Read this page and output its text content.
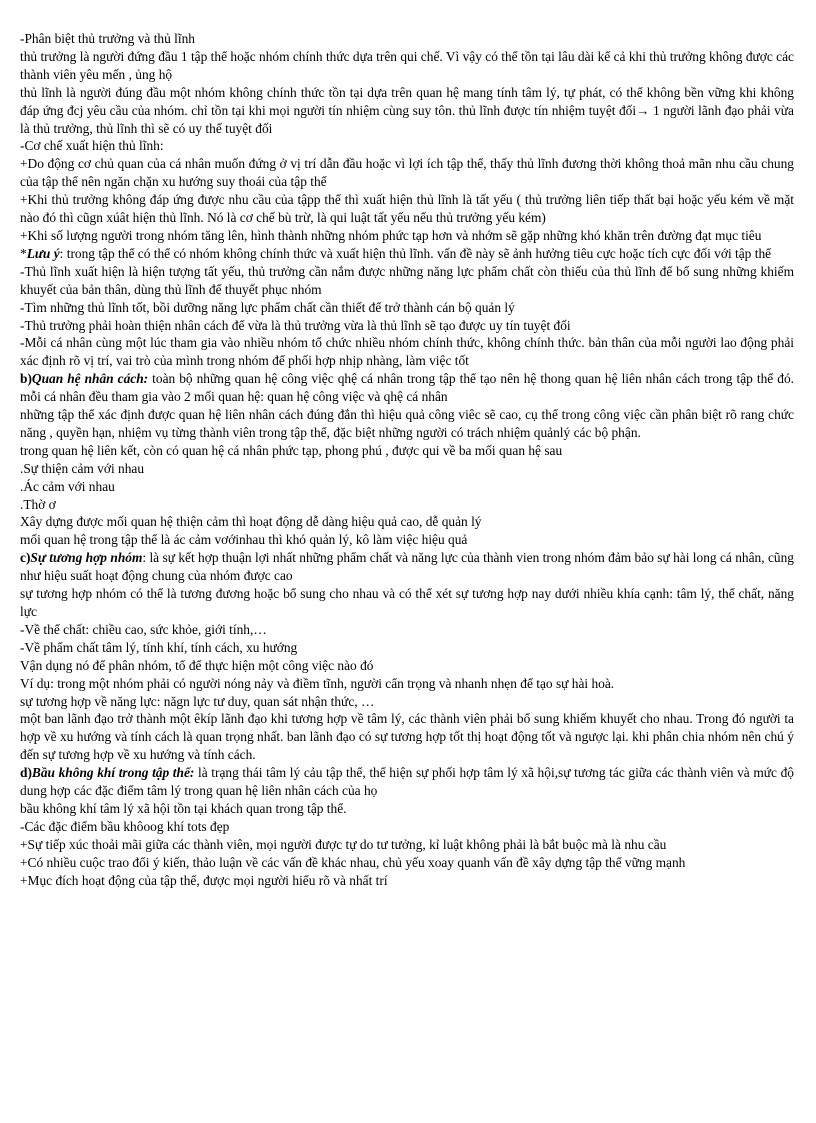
-Phân biệt thủ trưởng và thủ lĩnh

thủ trưởng là người đứng đầu 1 tập thể hoặc nhóm chính thức dựa trên qui chế. Vì vậy có thể tồn tại lâu dài kể cả khi thủ trưởng không được các thành viên yêu mến , ủng hộ

thủ lĩnh là người đúng đầu một nhóm không chính thức tồn tại dựa trên quan hệ mang tính tâm lý, tự phát, có thể không bền vững khi không đáp ứng đcj yêu cầu của nhóm. chỉ tồn tại khi mọi người tín nhiệm cùng suy tôn. thủ lĩnh được tín nhiệm tuyệt đối→ 1 người lãnh đạo phải vừa là thủ trưởng, thủ lĩnh thì sẽ có uy thế tuyệt đối

-Cơ chế xuất hiện thủ lĩnh:

+Do động cơ chủ quan của cá nhân muốn đứng ở vị trí dẫn đầu hoặc vì lợi ích tập thể, thấy thủ lĩnh đương thời không thoả mãn nhu cầu chung của tập thể nên ngăn chặn xu hướng suy thoái của tập thể

+Khi thủ trưởng không đáp ứng được nhu cầu của tậpp thể thì xuất hiện thủ lĩnh là tất yếu ( thủ trưởng liên tiếp thất bại hoặc yếu kém về mặt nào đó thì cũgn xúât hiện thủ lĩnh. Nó là cơ chế bù trừ, là qui luật tất yếu nếu thủ trưởng yếu kém)

+Khi số lượng người trong nhóm tăng lên, hình thành những nhóm phức tạp hơn và nhớm sẽ gặp những khó khăn trên đường đạt mục tiêu

*Lưu ý: trong tập thể có thể có nhóm không chính thức và xuất hiện thủ lĩnh. vấn đề này sẽ ảnh hưởng tiêu cực hoặc tích cực đối với tập thể

-Thủ lĩnh xuất hiện là hiện tượng tất yếu, thủ trưởng cần nắm được những năng lực phẩm chất còn thiếu của thủ lĩnh để bổ sung những khiếm khuyết của bản thân, dùng thủ lĩnh để thuyết phục nhóm

-Tìm những thủ lĩnh tốt, bồi dưỡng năng lực phẩm chất cần thiết để trở thành cán bộ quản lý

-Thủ trưởng phải hoàn thiện nhân cách để vừa là thủ trưởng vừa là thủ lĩnh sẽ tạo được uy tín tuyệt đối

-Mỗi cá nhân cùng một lúc tham gia vào nhiều nhóm tổ chức nhiều nhóm chính thức, không chính thức. bản thân của mỗi người lao động phải xác định rõ vị trí, vai trò của mình trong nhóm để phối hợp nhịp nhàng, làm việc tốt

b)Quan hệ nhân cách: toàn bộ những quan hệ công việc qhệ cá nhân trong tập thể tạo nên hệ thong quan hệ liên nhân cách trong tập thể đó. mỗi cá nhân đều tham gia vào 2 mối quan hệ: quan hệ công việc và qhệ cá nhân

những tập thể xác định được quan hệ liên nhân cách đúng đắn thì hiệu quả công viêc sẽ cao, cụ thể trong công việc cần phân biệt rõ rang chức năng , quyền hạn, nhiệm vụ từng thành viên trong tập thể, đặc biệt những người có trách nhiệm quảnlý các bộ phận.

trong quan hệ liên kết, còn có quan hệ cá nhân phức tạp, phong phú , được qui về ba mối quan hệ sau

.Sự thiện cảm với nhau

.Ác cảm với nhau

.Thờ ơ

Xây dựng được mối quan hệ thiện cảm thì hoạt động dễ dàng hiệu quả cao, dễ quản lý

mối quan hệ trong tập thể là ác cảm vơớinhau thì khó quản lý, kô làm việc hiệu quả

c)Sự tương hợp nhóm: là sự kết hợp thuận lợi nhất những phẩm chất và năng lực của thành vien trong nhóm đảm bảo sự hài long cá nhân, cũng như hiệu suất hoạt động chung của nhóm được cao

sự tương hợp nhóm có thể là tương đương hoặc bổ sung cho nhau và có thể xét sự tương hợp nay dưới nhiều khía cạnh: tâm lý, thể chất, năng lực

-Về thể chất: chiều cao, sức khỏe, giới tính,…

-Về phẩm chất tâm lý, tính khí, tính cách, xu hướng

Vận dụng nó để phân nhóm, tổ để thực hiện một công việc nào đó

Ví dụ: trong một nhóm phải có người nóng nảy và điềm tĩnh, người cẩn trọng và nhanh nhẹn để tạo sự hài hoà.

sự tương hợp về năng lực: năgn lực tư duy, quan sát nhận thức, …

một ban lãnh đạo trở thành một êkíp lãnh đạo khi tương hợp về tâm lý, các thành viên phải bổ sung khiếm khuyết cho nhau. Trong đó người ta hợp về xu hướng và tính cách là quan trọng nhất. ban lãnh đạo có sự tương hợp tốt thị hoạt động tốt và ngược lại. khi phân chia nhóm nên chú ý đến sự tương hợp về xu hướng và tính cách.

d)Bầu không khí trong tập thể: là trạng thái tâm lý cảu tập thể, thể hiện sự phối hợp tâm lý xã hội,sự tương tác giữa các thành viên và mức độ dung hợp các đặc điểm tâm lý trong quan hệ liên nhân cách của họ

bầu không khí tâm lý xã hội tồn tại khách quan trong tập thể.

-Các đặc điểm bầu khôoog khí tots đẹp

+Sự tiếp xúc thoải mãi giữa các thành viên, mọi người được tự do tư tưởng, kỉ luật không phải là bắt buộc mà là nhu cầu

+Có nhiều cuộc trao đổi ý kiến, thảo luận về các vấn đề khác nhau, chủ yếu xoay quanh vấn đề xây dựng tập thể vững mạnh

+Mục đích hoạt động của tập thể, được mọi người hiểu rõ và nhất trí
